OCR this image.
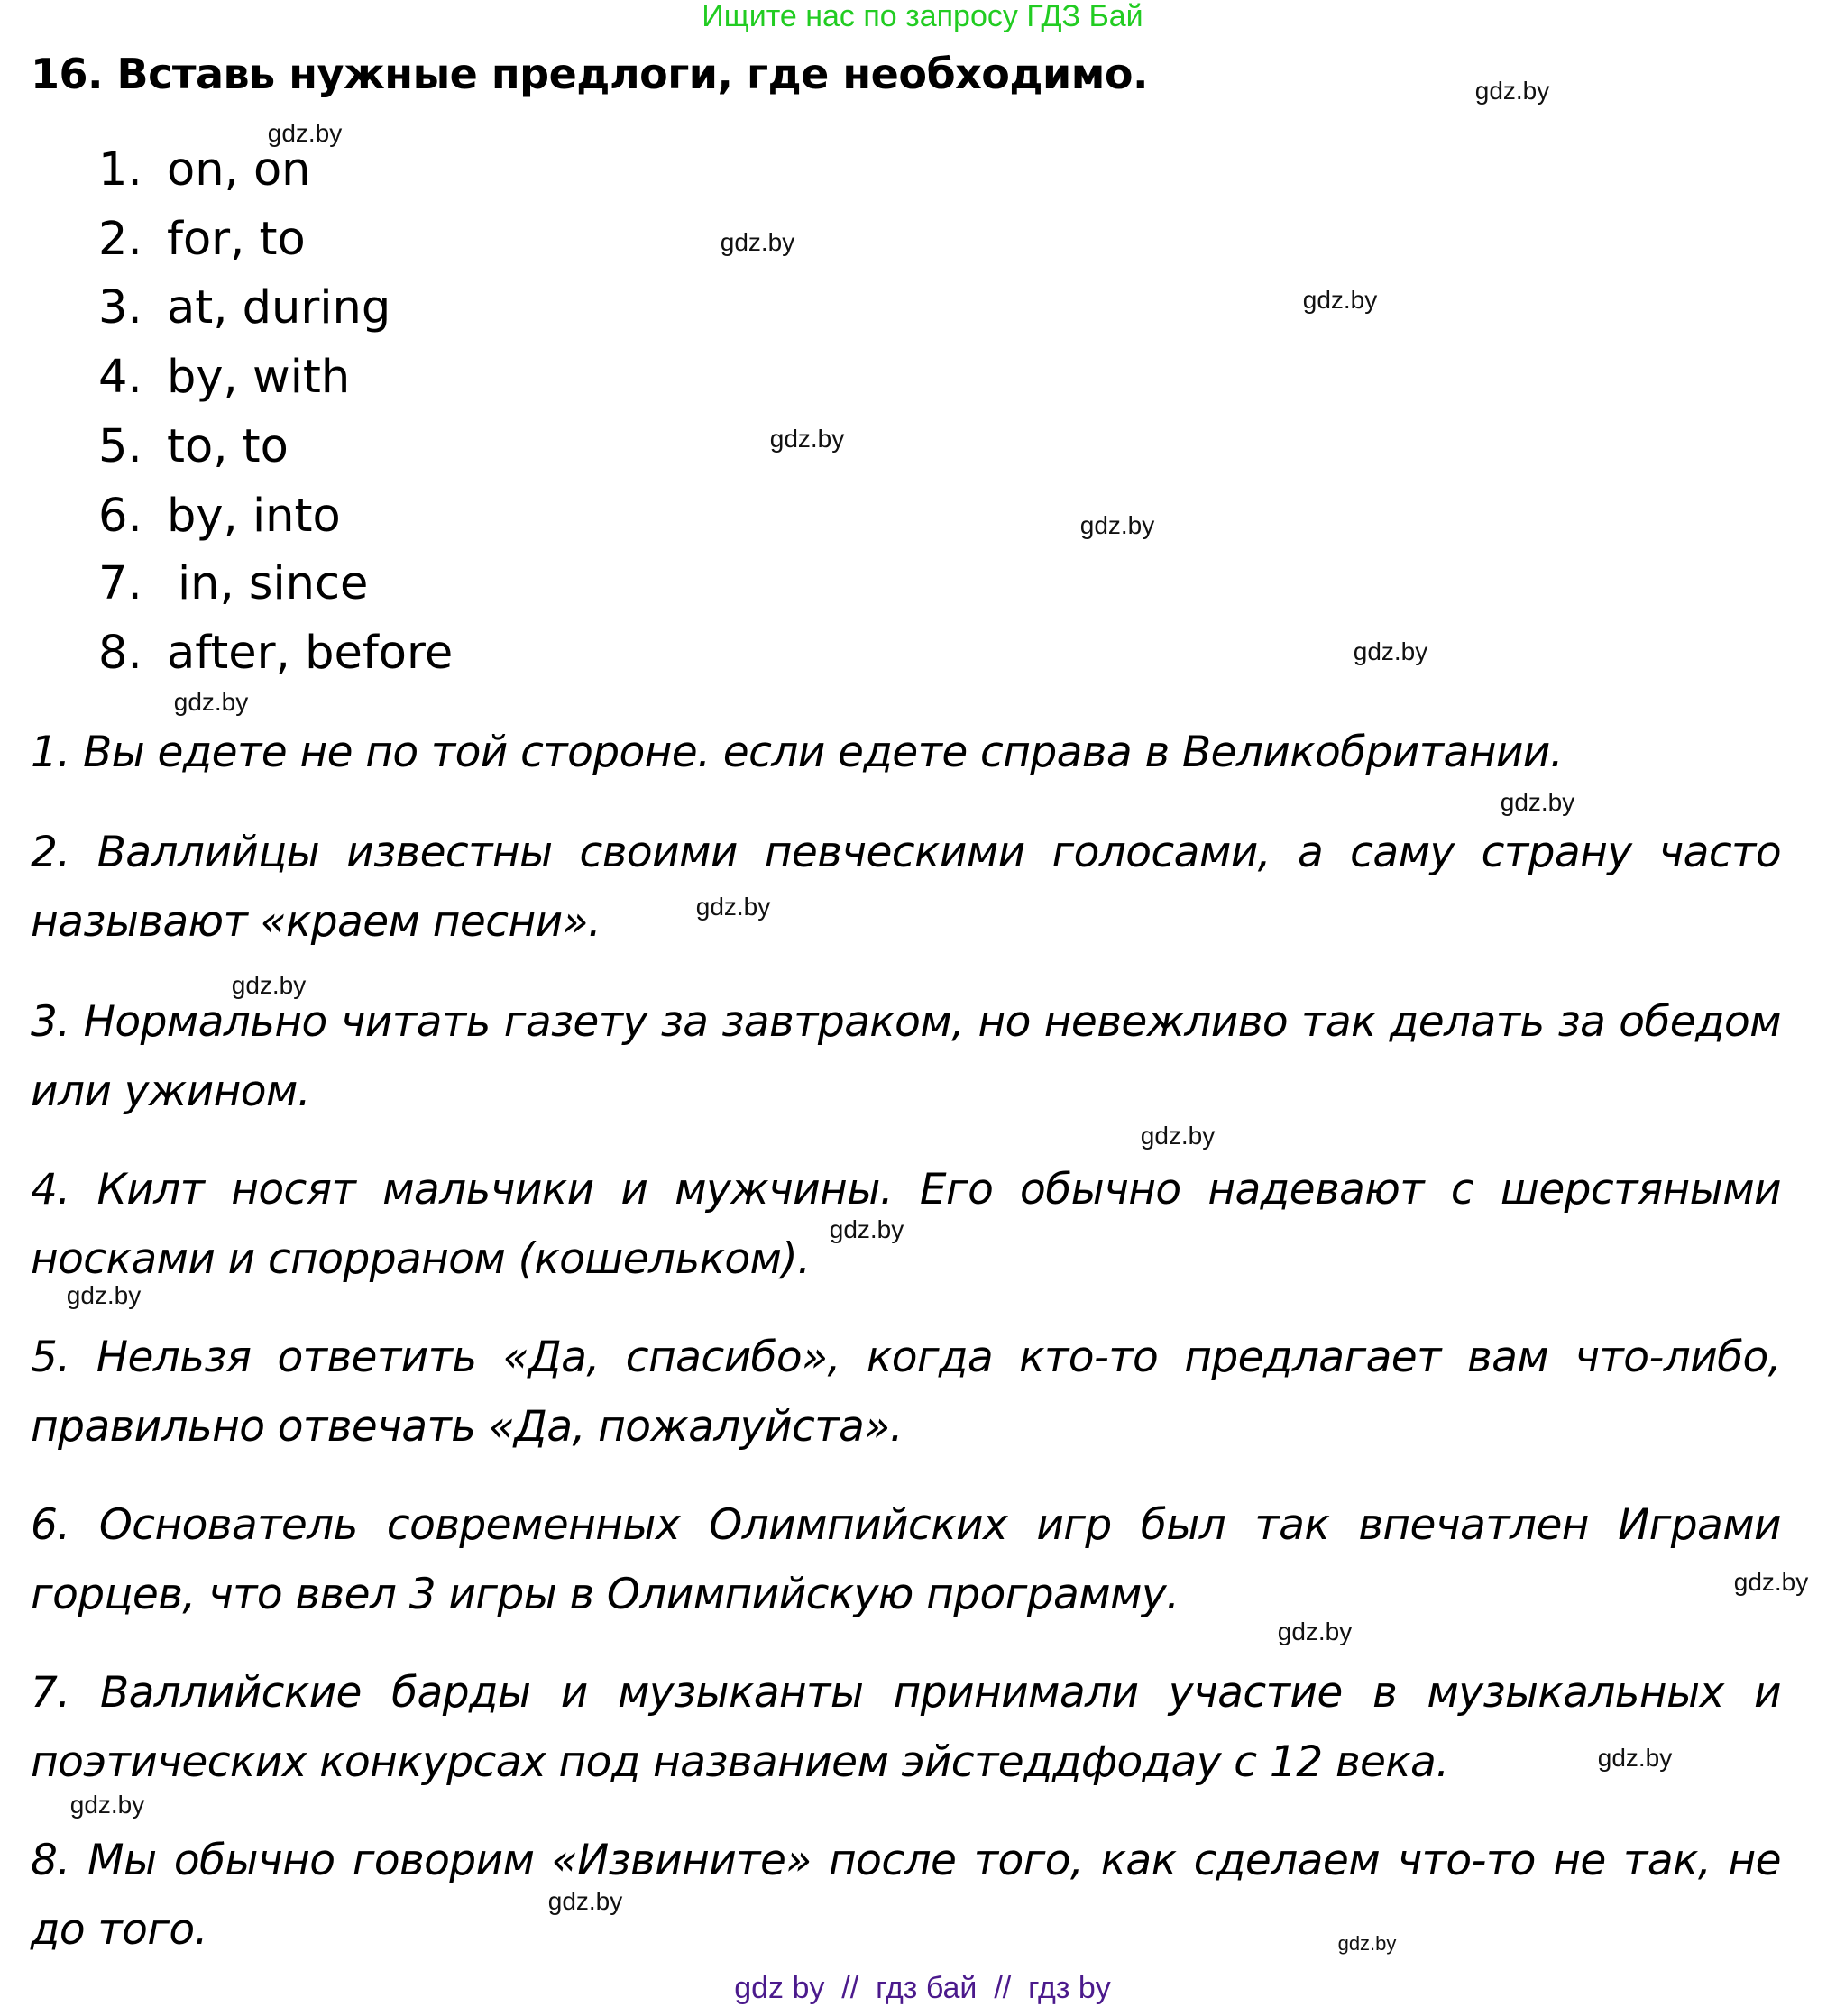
Ищите нас по запросу ГДЗ Бай
16. Вставь нужные предлоги, где необходимо.
1. on, on
2. for, to
3. at, during
4. by, with
5. to, to
6. by, into
7. in, since
8. after, before
1. Вы едете не по той стороне. если едете справа в Великобритании.
2. Валлийцы известны своими певческими голосами, а саму страну часто называют «краем песни».
3. Нормально читать газету за завтраком, но невежливо так делать за обедом или ужином.
4. Килт носят мальчики и мужчины. Его обычно надевают с шерстяными носками и спорраном (кошельком).
5. Нельзя ответить «Да, спасибо», когда кто-то предлагает вам что-либо, правильно отвечать «Да, пожалуйста».
6. Основатель современных Олимпийских игр был так впечатлен Играми горцев, что ввел 3 игры в Олимпийскую программу.
7. Валлийские барды и музыканты принимали участие в музыкальных и поэтических конкурсах под названием эйстеддфодау с 12 века.
8. Мы обычно говорим «Извините» после того, как сделаем что-то не так, не до того.
gdz.by
gdz.by
gdz.by
gdz.by
gdz.by
gdz.by
gdz.by
gdz.by
gdz.by
gdz.by
gdz.by
gdz.by
gdz.by
gdz.by
gdz.by
gdz.by
gdz.by
gdz.by
gdz.by
gdz.by
gdz by  //  гдз бай  //  гдз by
